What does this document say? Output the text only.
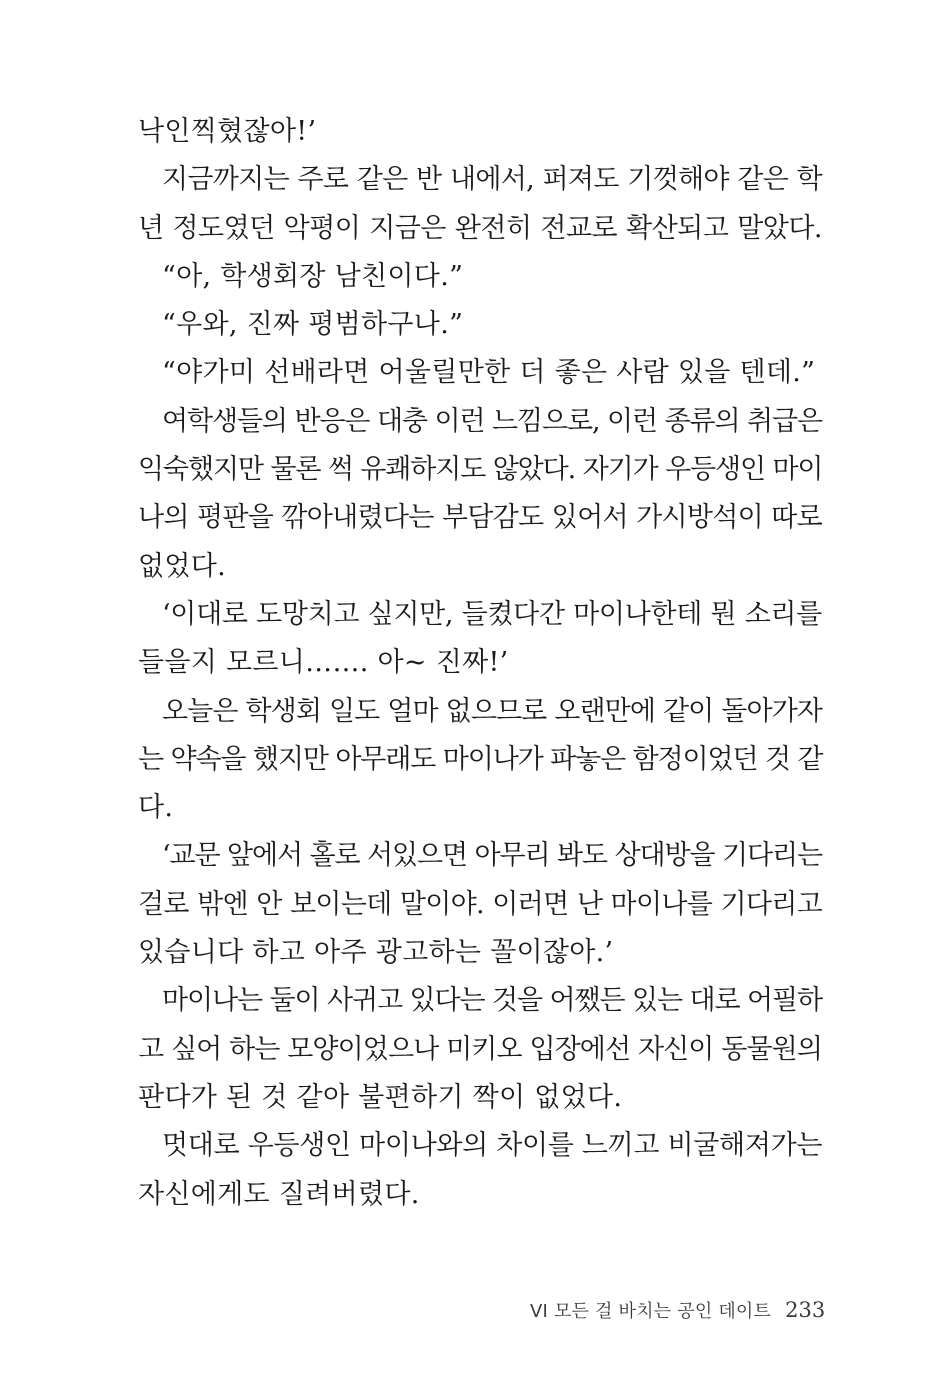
낙인찍혔잖아!’
지금까지는 주로 같은 반 내에서, 퍼져도 기껏해야 같은 학
년 정도였던 악평이 지금은 완전히 전교로 확산되고 말았다.
“아, 학생회장 남친이다.”
“우와, 진짜 평범하구나.”
“야가미 선배라면 어울릴만한 더 좋은 사람 있을 텐데.”
여학생들의 반응은 대충 이런 느낌으로, 이런 종류의 취급은
익숙했지만 물론 썩 유쾌하지도 않았다. 자기가 우등생인 마이
나의 평판을 깎아내렸다는 부담감도 있어서 가시방석이 따로
없었다.
‘이대로 도망치고 싶지만, 들켰다간 마이나한테 뭔 소리를
들을지 모르니……. 아~ 진짜!’
오늘은 학생회 일도 얼마 없으므로 오랜만에 같이 돌아가자
는 약속을 했지만 아무래도 마이나가 파놓은 함정이었던 것 같
다.
‘교문 앞에서 홀로 서있으면 아무리 봐도 상대방을 기다리는
걸로 밖엔 안 보이는데 말이야. 이러면 난 마이나를 기다리고
있습니다 하고 아주 광고하는 꼴이잖아.’
마이나는 둘이 사귀고 있다는 것을 어쨌든 있는 대로 어필하
고 싶어 하는 모양이었으나 미키오 입장에선 자신이 동물원의
판다가 된 것 같아 불편하기 짝이 없었다.
멋대로 우등생인 마이나와의 차이를 느끼고 비굴해져가는
자신에게도 질려버렸다.
VI 모든 걸 바치는 공인 데이트 233
